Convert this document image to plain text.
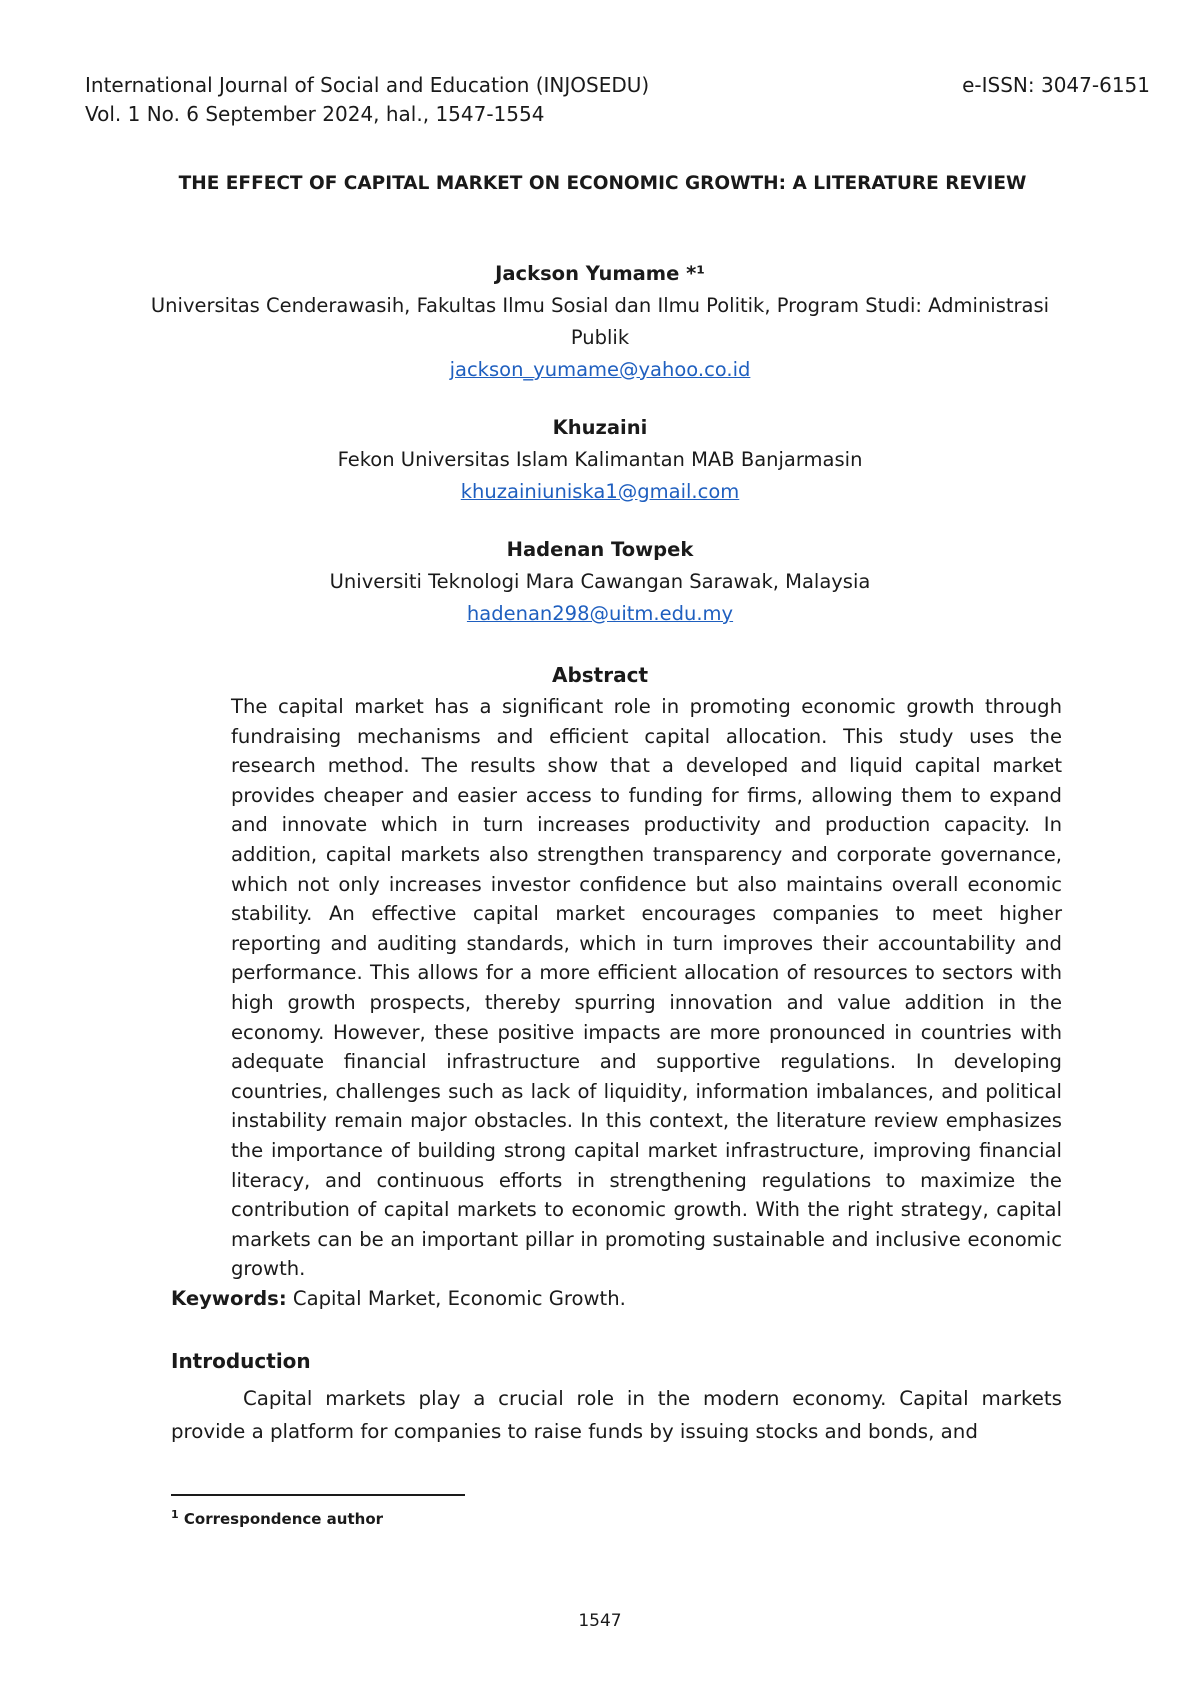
International Journal of Social and Education (INJOSEDU)	e-ISSN: 3047-6151
Vol. 1 No. 6 September 2024, hal., 1547-1554
THE EFFECT OF CAPITAL MARKET ON ECONOMIC GROWTH: A LITERATURE REVIEW
Jackson Yumame *¹
Universitas Cenderawasih, Fakultas Ilmu Sosial dan Ilmu Politik, Program Studi: Administrasi Publik
jackson_yumame@yahoo.co.id
Khuzaini
Fekon Universitas Islam Kalimantan MAB Banjarmasin
khuzainiuniska1@gmail.com
Hadenan Towpek
Universiti Teknologi Mara Cawangan Sarawak, Malaysia
hadenan298@uitm.edu.my
Abstract
The capital market has a significant role in promoting economic growth through fundraising mechanisms and efficient capital allocation. This study uses the research method. The results show that a developed and liquid capital market provides cheaper and easier access to funding for firms, allowing them to expand and innovate which in turn increases productivity and production capacity. In addition, capital markets also strengthen transparency and corporate governance, which not only increases investor confidence but also maintains overall economic stability. An effective capital market encourages companies to meet higher reporting and auditing standards, which in turn improves their accountability and performance. This allows for a more efficient allocation of resources to sectors with high growth prospects, thereby spurring innovation and value addition in the economy. However, these positive impacts are more pronounced in countries with adequate financial infrastructure and supportive regulations. In developing countries, challenges such as lack of liquidity, information imbalances, and political instability remain major obstacles. In this context, the literature review emphasizes the importance of building strong capital market infrastructure, improving financial literacy, and continuous efforts in strengthening regulations to maximize the contribution of capital markets to economic growth. With the right strategy, capital markets can be an important pillar in promoting sustainable and inclusive economic growth.
Keywords: Capital Market, Economic Growth.
Introduction
Capital markets play a crucial role in the modern economy. Capital markets provide a platform for companies to raise funds by issuing stocks and bonds, and
$^1$ Correspondence author
1547
